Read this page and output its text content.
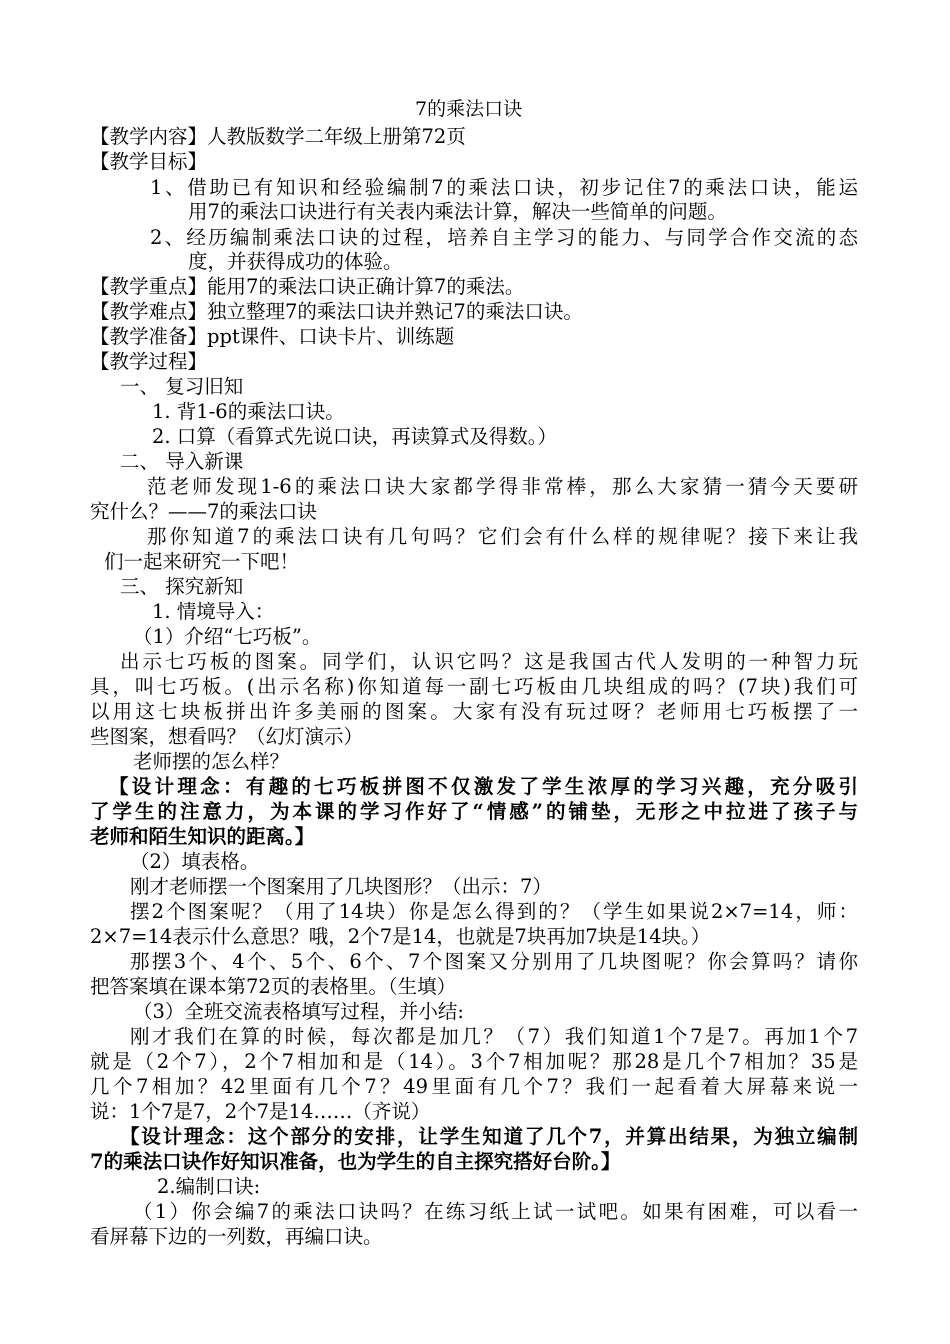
7的乘法口诀
【教学内容】人教版数学二年级上册第72页
【教学目标】
1、借助已有知识和经验编制7的乘法口诀，初步记住7的乘法口诀，能运
用7的乘法口诀进行有关表内乘法计算，解决一些简单的问题。
2、经历编制乘法口诀的过程，培养自主学习的能力、与同学合作交流的态
度，并获得成功的体验。
【教学重点】能用7的乘法口诀正确计算7的乘法。
【教学难点】独立整理7的乘法口诀并熟记7的乘法口诀。
【教学准备】ppt课件、口诀卡片、训练题
【教学过程】
一、 复习旧知
1. 背1-6的乘法口诀。
2. 口算（看算式先说口诀，再读算式及得数。）
二、 导入新课
范老师发现1-6的乘法口诀大家都学得非常棒，那么大家猜一猜今天要研
究什么？——7的乘法口诀
那你知道7的乘法口诀有几句吗？它们会有什么样的规律呢？接下来让我
们一起来研究一下吧！
三、 探究新知
1. 情境导入：
（1）介绍“七巧板”。
出示七巧板的图案。同学们，认识它吗？这是我国古代人发明的一种智力玩
具，叫七巧板。(出示名称)你知道每一副七巧板由几块组成的吗？(7块)我们可
以用这七块板拼出许多美丽的图案。大家有没有玩过呀？老师用七巧板摆了一
些图案，想看吗？（幻灯演示）
老师摆的怎么样？
【设计理念：有趣的七巧板拼图不仅激发了学生浓厚的学习兴趣，充分吸引
了学生的注意力，为本课的学习作好了“情感”的铺垫，无形之中拉进了孩子与
老师和陌生知识的距离。】
（2）填表格。
刚才老师摆一个图案用了几块图形？（出示：7）
摆2个图案呢？（用了14块）你是怎么得到的？（学生如果说2×7=14，师：
2×7=14表示什么意思？哦，2个7是14，也就是7块再加7块是14块。）
那摆3个、4个、5个、6个、7个图案又分别用了几块图呢？你会算吗？请你
把答案填在课本第72页的表格里。（生填）
（3）全班交流表格填写过程，并小结:
刚才我们在算的时候，每次都是加几？（7）我们知道1个7是7。再加1个7
就是（2个7），2个7相加和是（14）。3个7相加呢？那28是几个7相加？35是
几个7相加？42里面有几个7？49里面有几个7？我们一起看着大屏幕来说一
说：1个7是7，2个7是14……（齐说）
【设计理念：这个部分的安排，让学生知道了几个7，并算出结果，为独立编制
7的乘法口诀作好知识准备，也为学生的自主探究搭好台阶。】
2.编制口诀:
（1）你会编7的乘法口诀吗？在练习纸上试一试吧。如果有困难，可以看一
看屏幕下边的一列数，再编口诀。
